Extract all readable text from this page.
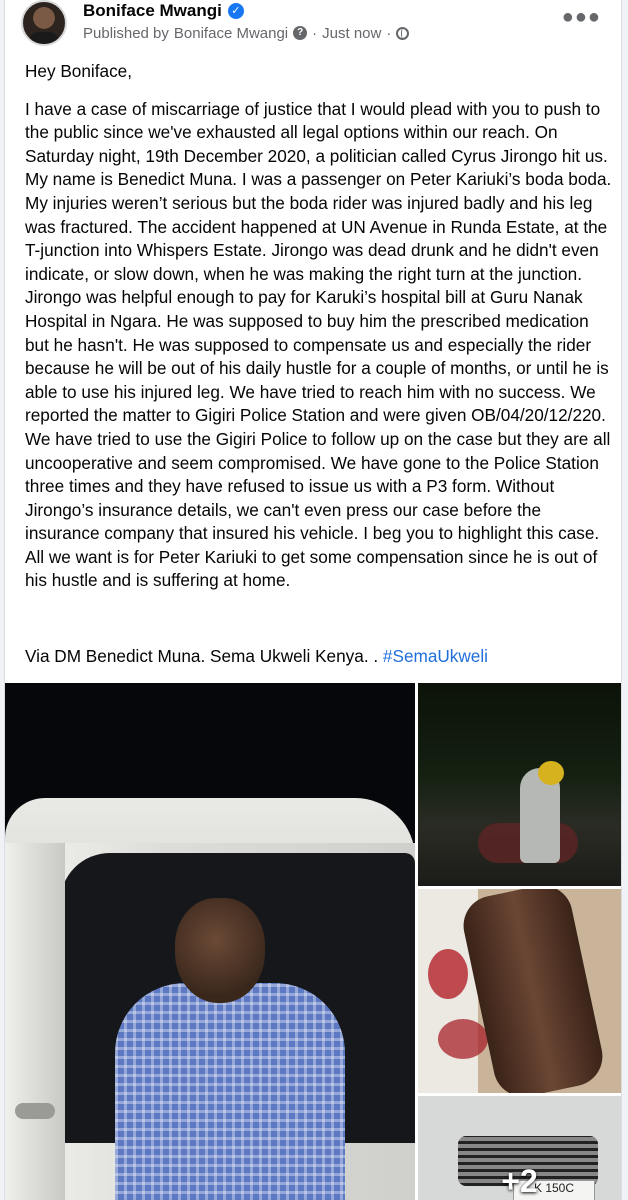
Boniface Mwangi ✓
Published by Boniface Mwangi ? · Just now ·
●●●

Hey Boniface,

I have a case of miscarriage of justice that I would plead with you to push to the public since we've exhausted all legal options within our reach. On Saturday night, 19th December 2020, a politician called Cyrus Jirongo hit us. My name is Benedict Muna. I was a passenger on Peter Kariuki’s boda boda. My injuries weren’t serious but the boda rider was injured badly and his leg was fractured. The accident happened at UN Avenue in Runda Estate, at the T-junction into Whispers Estate. Jirongo was dead drunk and he didn't even indicate, or slow down, when he was making the right turn at the junction. Jirongo was helpful enough to pay for Karuki’s hospital bill at Guru Nanak Hospital in Ngara. He was supposed to buy him the prescribed medication but he hasn't. He was supposed to compensate us and especially the rider because he will be out of his daily hustle for a couple of months, or until he is able to use his injured leg. We have tried to reach him with no success. We reported the matter to Gigiri Police Station and were given OB/04/20/12/220. We have tried to use the Gigiri Police to follow up on the case but they are all uncooperative and seem compromised. We have gone to the Police Station three times and they have refused to issue us with a P3 form. Without Jirongo’s insurance details, we can't even press our case before the insurance company that insured his vehicle. I beg you to highlight this case. All we want is for Peter Kariuki to get some compensation since he is out of his hustle and is suffering at home.

Via DM Benedict Muna. Sema Ukweli Kenya. . #SemaUkweli
K 150C
+2
